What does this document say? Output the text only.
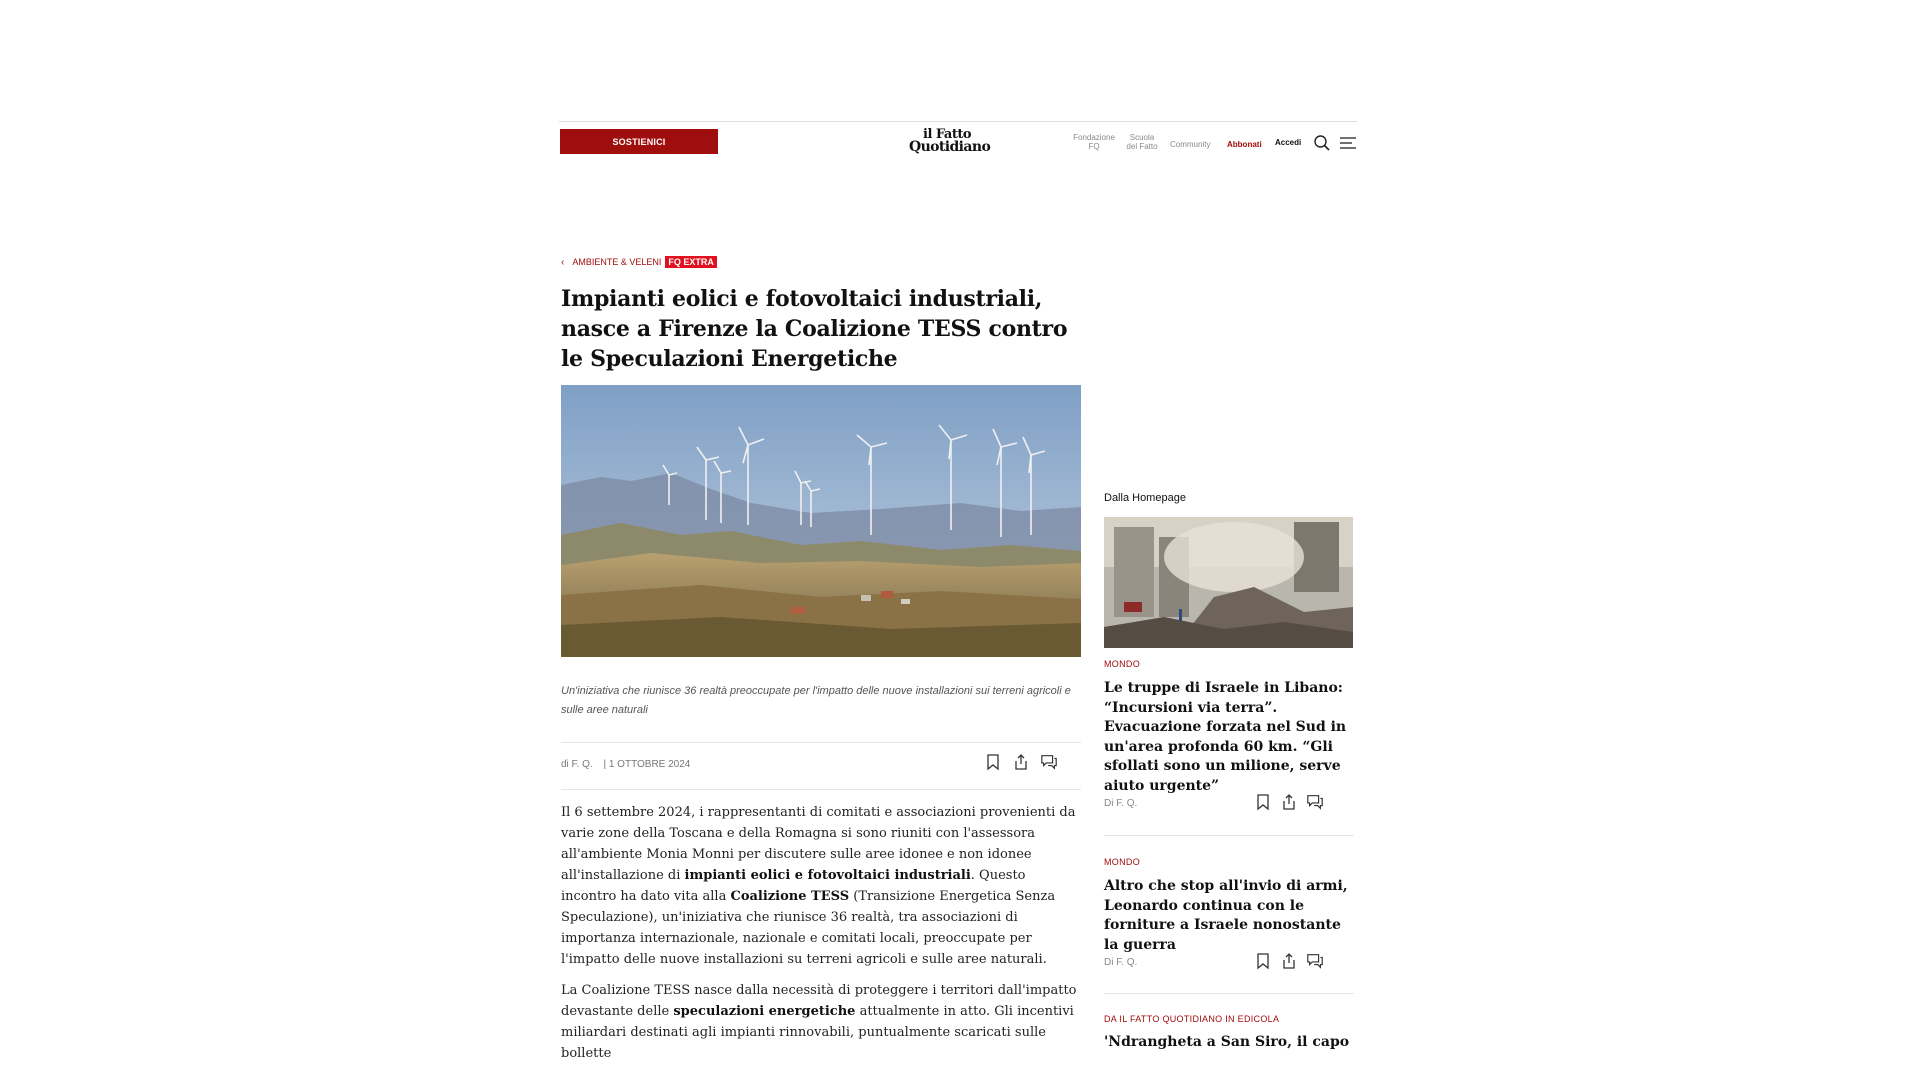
SOSTIENICI	il Fatto
Quotidiano
Fondazione FQ
Scuola del Fatto Community Abbonati Accedi
‹ AMBIENTE & VELENI FQ EXTRA
Impianti eolici e fotovoltaici industriali, nasce a Firenze la Coalizione TESS contro le Speculazioni Energetiche
Un'iniziativa che riunisce 36 realtà preoccupate per l'impatto delle nuove installazioni sui terreni agricoli e sulle aree naturali
di F. Q. | 1 OTTOBRE 2024

Il 6 settembre 2024, i rappresentanti di comitati e associazioni provenienti da varie zone della Toscana e della Romagna si sono riuniti con l'assessora all'ambiente Monia Monni per discutere sulle aree idonee e non idonee all'installazione di impianti eolici e fotovoltaici industriali. Questo incontro ha dato vita alla Coalizione TESS (Transizione Energetica Senza Speculazione), un'iniziativa che riunisce 36 realtà, tra associazioni di importanza internazionale, nazionale e comitati locali, preoccupate per l'impatto delle nuove installazioni su terreni agricoli e sulle aree naturali.

La Coalizione TESS nasce dalla necessità di proteggere i territori dall'impatto devastante delle speculazioni energetiche attualmente in atto. Gli incentivi miliardari destinati agli impianti rinnovabili, puntualmente scaricati sulle bollette

Dalla Homepage
MONDO

Le truppe di Israele in Libano: “Incursioni via terra”. Evacuazione forzata nel Sud in un'area profonda 60 km. “Gli sfollati sono un milione, serve aiuto urgente”

Di F. Q.
MONDO

Altro che stop all'invio di armi, Leonardo continua con le forniture a Israele nonostante la guerra

Di F. Q.
DA IL FATTO QUOTIDIANO IN EDICOLA

'Ndrangheta a San Siro, il capo
